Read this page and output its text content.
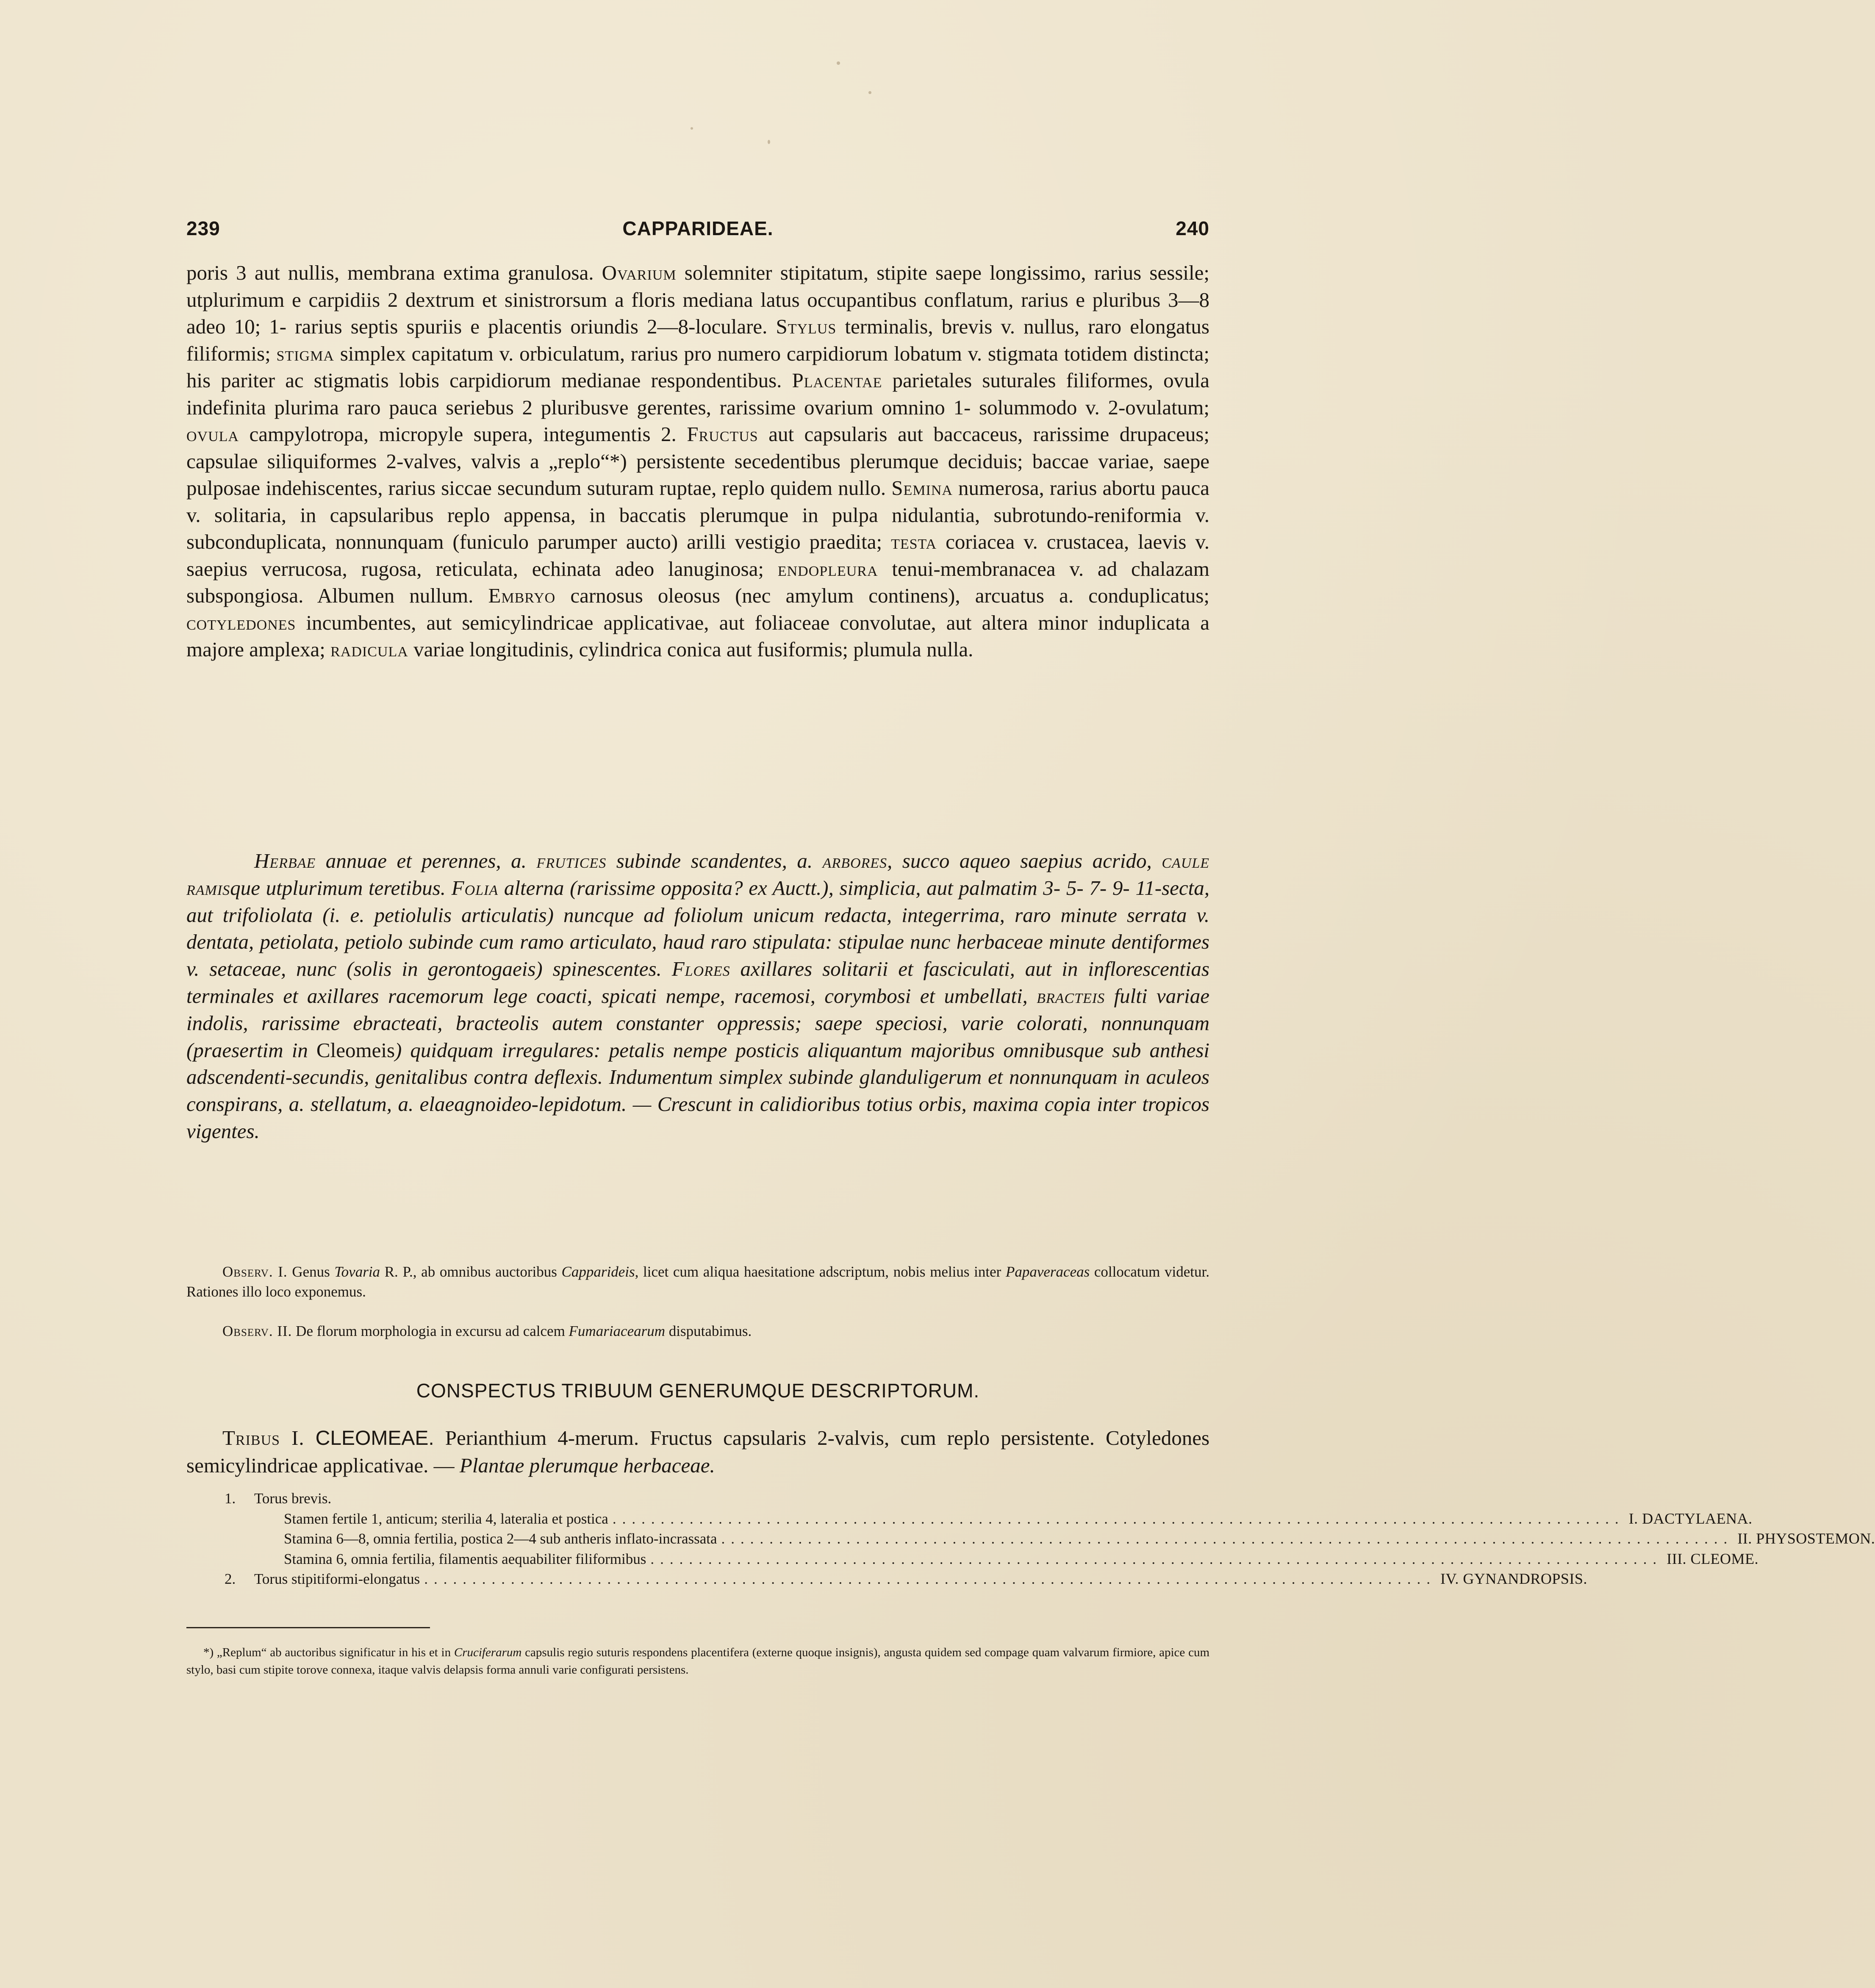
239	CAPPARIDEAE.	240
poris 3 aut nullis, membrana extima granulosa. Ovarium solemniter stipitatum, stipite saepe longissimo, rarius sessile; utplurimum e carpidiis 2 dextrum et sinistrorsum a floris mediana latus occupantibus conflatum, rarius e pluribus 3—8 adeo 10; 1- rarius septis spuriis e placentis oriundis 2—8-loculare. Stylus terminalis, brevis v. nullus, raro elongatus filiformis; stigma simplex capitatum v. orbiculatum, rarius pro numero carpidiorum lobatum v. stigmata totidem distincta; his pariter ac stigmatis lobis carpidiorum medianae respondentibus. Placentae parietales suturales filiformes, ovula indefinita plurima raro pauca seriebus 2 pluribusve gerentes, rarissime ovarium omnino 1- solummodo v. 2-ovulatum; ovula campylotropa, micropyle supera, integumentis 2. Fructus aut capsularis aut baccaceus, rarissime drupaceus; capsulae siliquiformes 2-valves, valvis a „replo“*) persistente secedentibus plerumque deciduis; baccae variae, saepe pulposae indehiscentes, rarius siccae secundum suturam ruptae, replo quidem nullo. Semina numerosa, rarius abortu pauca v. solitaria, in capsularibus replo appensa, in baccatis plerumque in pulpa nidulantia, subrotundo-reniformia v. subconduplicata, nonnunquam (funiculo parumper aucto) arilli vestigio praedita; testa coriacea v. crustacea, laevis v. saepius verrucosa, rugosa, reticulata, echinata adeo lanuginosa; endopleura tenui-membranacea v. ad chalazam subspongiosa. Albumen nullum. Embryo carnosus oleosus (nec amylum continens), arcuatus a. conduplicatus; cotyledones incumbentes, aut semicylindricae applicativae, aut foliaceae convolutae, aut altera minor induplicata a majore amplexa; radicula variae longitudinis, cylindrica conica aut fusiformis; plumula nulla.
Herbae annuae et perennes, a. frutices subinde scandentes, a. arbores, succo aqueo saepius acrido, caule ramisque utplurimum teretibus. Folia alterna (rarissime opposita? ex Auctt.), simplicia, aut palmatim 3- 5- 7- 9- 11-secta, aut trifoliolata (i. e. petiolulis articulatis) nuncque ad foliolum unicum redacta, integerrima, raro minute serrata v. dentata, petiolata, petiolo subinde cum ramo articulato, haud raro stipulata: stipulae nunc herbaceae minute dentiformes v. setaceae, nunc (solis in gerontogaeis) spinescentes. Flores axillares solitarii et fasciculati, aut in inflorescentias terminales et axillares racemorum lege coacti, spicati nempe, racemosi, corymbosi et umbellati, bracteis fulti variae indolis, rarissime ebracteati, bracteolis autem constanter oppressis; saepe speciosi, varie colorati, nonnunquam (praesertim in Cleomeis) quidquam irregulares: petalis nempe posticis aliquantum majoribus omnibusque sub anthesi adscendenti-secundis, genitalibus contra deflexis. Indumentum simplex subinde glanduligerum et nonnunquam in aculeos conspirans, a. stellatum, a. elaeagnoideo-lepidotum. — Crescunt in calidioribus totius orbis, maxima copia inter tropicos vigentes.
Observ. I. Genus Tovaria R. P., ab omnibus auctoribus Capparideis, licet cum aliqua haesitatione adscriptum, nobis melius inter Papaveraceas collocatum videtur. Rationes illo loco exponemus.
Observ. II. De florum morphologia in excursu ad calcem Fumariacearum disputabimus.
CONSPECTUS TRIBUUM GENERUMQUE DESCRIPTORUM.
Tribus I. CLEOMEAE. Perianthium 4-merum. Fructus capsularis 2-valvis, cum replo persistente. Cotyledones semicylindricae applicativae. — Plantae plerumque herbaceae.
1.	Torus brevis.
Stamen fertile 1, anticum; sterilia 4, lateralia et postica ......................................................................................................... I. DACTYLAENA.
Stamina 6—8, omnia fertilia, postica 2—4 sub antheris inflato-incrassata ......................................................................................................... II. PHYSOSTEMON.
Stamina 6, omnia fertilia, filamentis aequabiliter filiformibus ......................................................................................................... III. CLEOME.
2.	Torus stipitiformi-elongatus ......................................................................................................... IV. GYNANDROPSIS.
*) „Replum“ ab auctoribus significatur in his et in Cruciferarum capsulis regio suturis respondens placentifera (externe quoque insignis), angusta quidem sed compage quam valvarum firmiore, apice cum stylo, basi cum stipite torove connexa, itaque valvis delapsis forma annuli varie configurati persistens.
